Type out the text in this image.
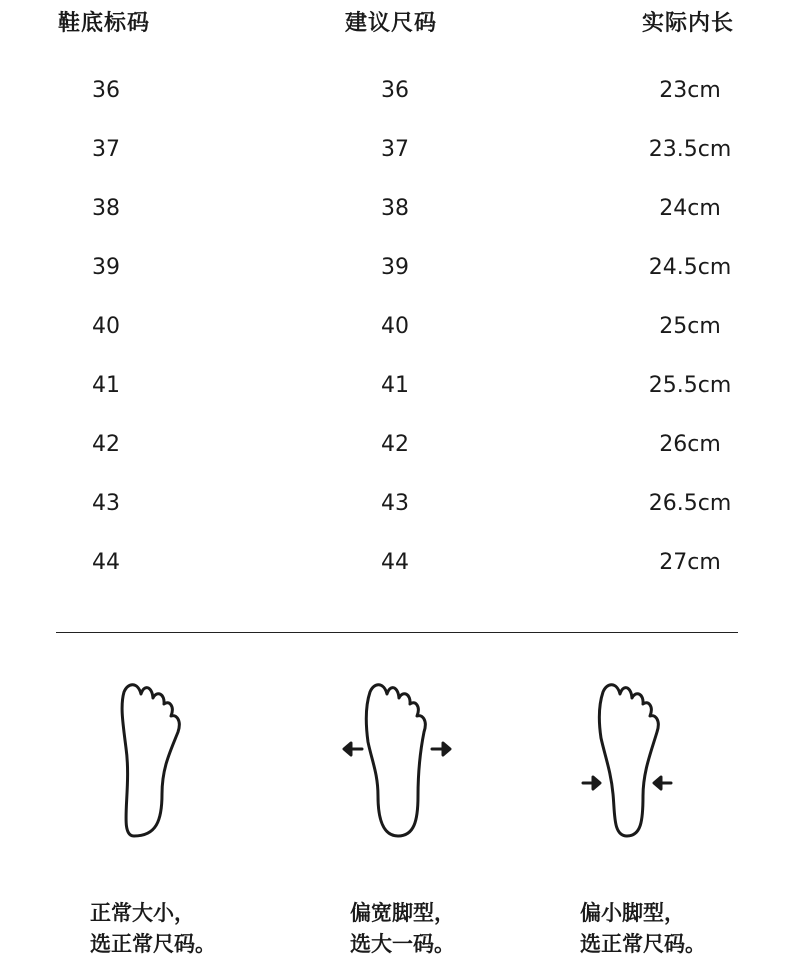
鞋底标码	建议尺码	实际内长
36	36	23cm
37	37	23.5cm
38	38	24cm
39	39	24.5cm
40	40	25cm
41	41	25.5cm
42	42	26cm
43	43	26.5cm
44	44	27cm
正常大小，
选正常尺码。
偏宽脚型，
选大一码。
偏小脚型，
选正常尺码。
